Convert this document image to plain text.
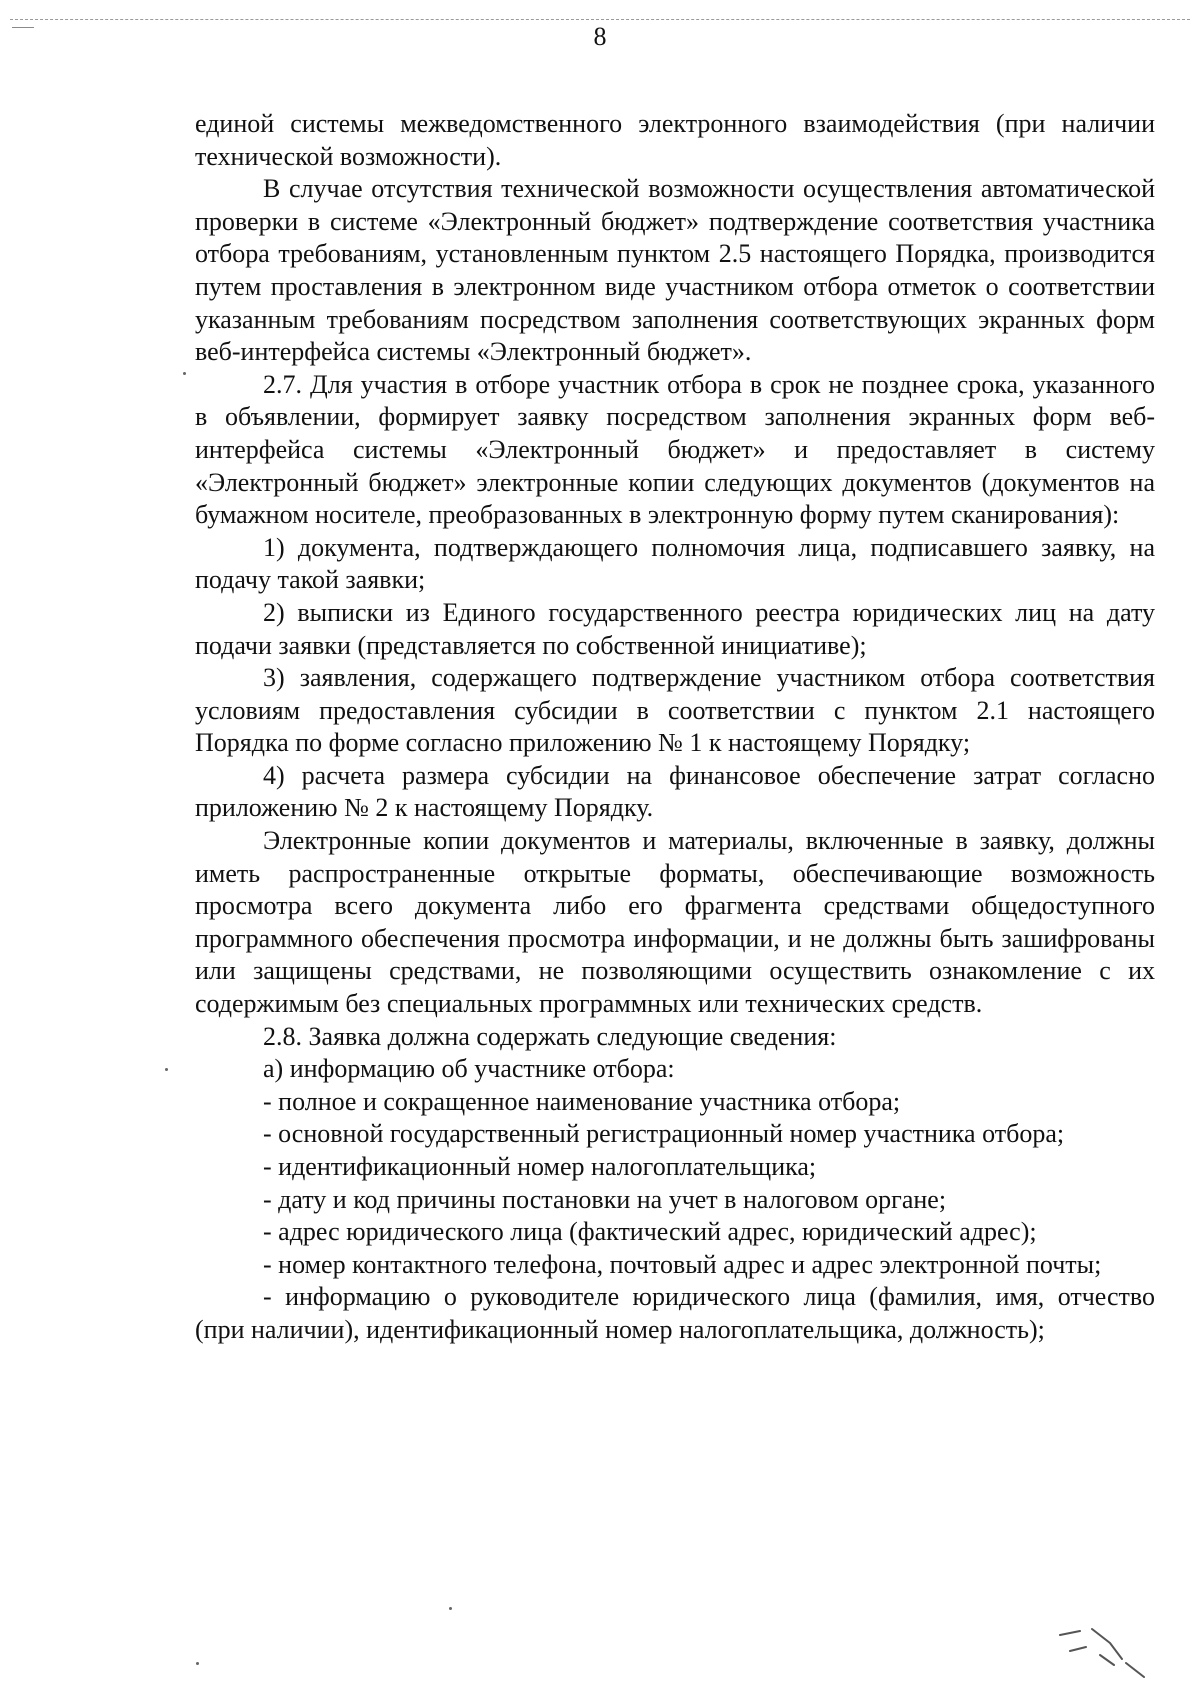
8

единой системы межведомственного электронного взаимодействия (при наличии технической возможности).

В случае отсутствия технической возможности осуществления автоматической проверки в системе «Электронный бюджет» подтверждение соответствия участника отбора требованиям, установленным пунктом 2.5 настоящего Порядка, производится путем проставления в электронном виде участником отбора отметок о соответствии указанным требованиям посредством заполнения соответствующих экранных форм веб-интерфейса системы «Электронный бюджет».

2.7. Для участия в отборе участник отбора в срок не позднее срока, указанного в объявлении, формирует заявку посредством заполнения экранных форм веб-интерфейса системы «Электронный бюджет» и предоставляет в систему «Электронный бюджет» электронные копии следующих документов (документов на бумажном носителе, преобразованных в электронную форму путем сканирования):

1) документа, подтверждающего полномочия лица, подписавшего заявку, на подачу такой заявки;

2) выписки из Единого государственного реестра юридических лиц на дату подачи заявки (представляется по собственной инициативе);

3) заявления, содержащего подтверждение участником отбора соответствия условиям предоставления субсидии в соответствии с пунктом 2.1 настоящего Порядка по форме согласно приложению № 1 к настоящему Порядку;

4) расчета размера субсидии на финансовое обеспечение затрат согласно приложению № 2 к настоящему Порядку.

Электронные копии документов и материалы, включенные в заявку, должны иметь распространенные открытые форматы, обеспечивающие возможность просмотра всего документа либо его фрагмента средствами общедоступного программного обеспечения просмотра информации, и не должны быть зашифрованы или защищены средствами, не позволяющими осуществить ознакомление с их содержимым без специальных программных или технических средств.

2.8. Заявка должна содержать следующие сведения:

а) информацию об участнике отбора:

- полное и сокращенное наименование участника отбора;

- основной государственный регистрационный номер участника отбора;

- идентификационный номер налогоплательщика;

- дату и код причины постановки на учет в налоговом органе;

- адрес юридического лица (фактический адрес, юридический адрес);

- номер контактного телефона, почтовый адрес и адрес электронной почты;

- информацию о руководителе юридического лица (фамилия, имя, отчество (при наличии), идентификационный номер налогоплательщика, должность);
